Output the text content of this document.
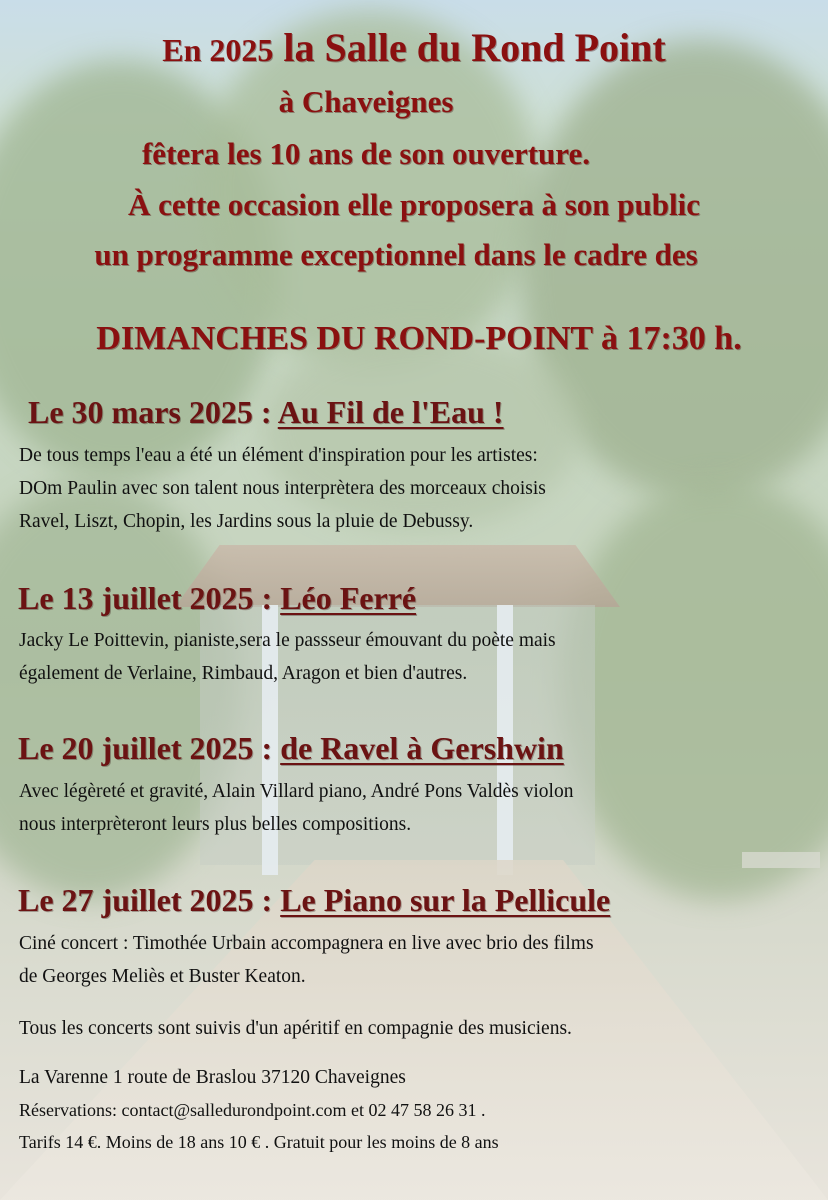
En 2025 la Salle du Rond Point

à Chaveignes

fêtera les 10 ans de son ouverture.

À cette occasion elle proposera à son public

un programme exceptionnel dans le cadre des

DIMANCHES DU ROND-POINT à 17:30 h.

Le 30 mars 2025 : Au Fil de l'Eau !

De tous temps l'eau a été un élément d'inspiration pour les artistes:

DOm Paulin avec son talent nous interprètera des morceaux choisis

Ravel, Liszt, Chopin, les Jardins sous la pluie de Debussy.

Le 13 juillet 2025 : Léo Ferré

Jacky Le Poittevin, pianiste,sera le passseur émouvant du poète mais

également de Verlaine, Rimbaud, Aragon et bien d'autres.

Le 20 juillet 2025 : de Ravel à Gershwin

Avec légèreté et gravité, Alain Villard piano, André Pons Valdès violon

nous interprèteront leurs plus belles compositions.

Le 27 juillet 2025 : Le Piano sur la Pellicule

Ciné concert : Timothée Urbain accompagnera en live avec brio des films

de Georges Meliès et Buster Keaton.

Tous les concerts sont suivis d'un apéritif en compagnie des musiciens.

La Varenne 1 route de Braslou 37120 Chaveignes

Réservations: contact@salledurondpoint.com et 02 47 58 26 31 .

Tarifs 14 €. Moins de 18 ans 10 € . Gratuit pour les moins de 8 ans
